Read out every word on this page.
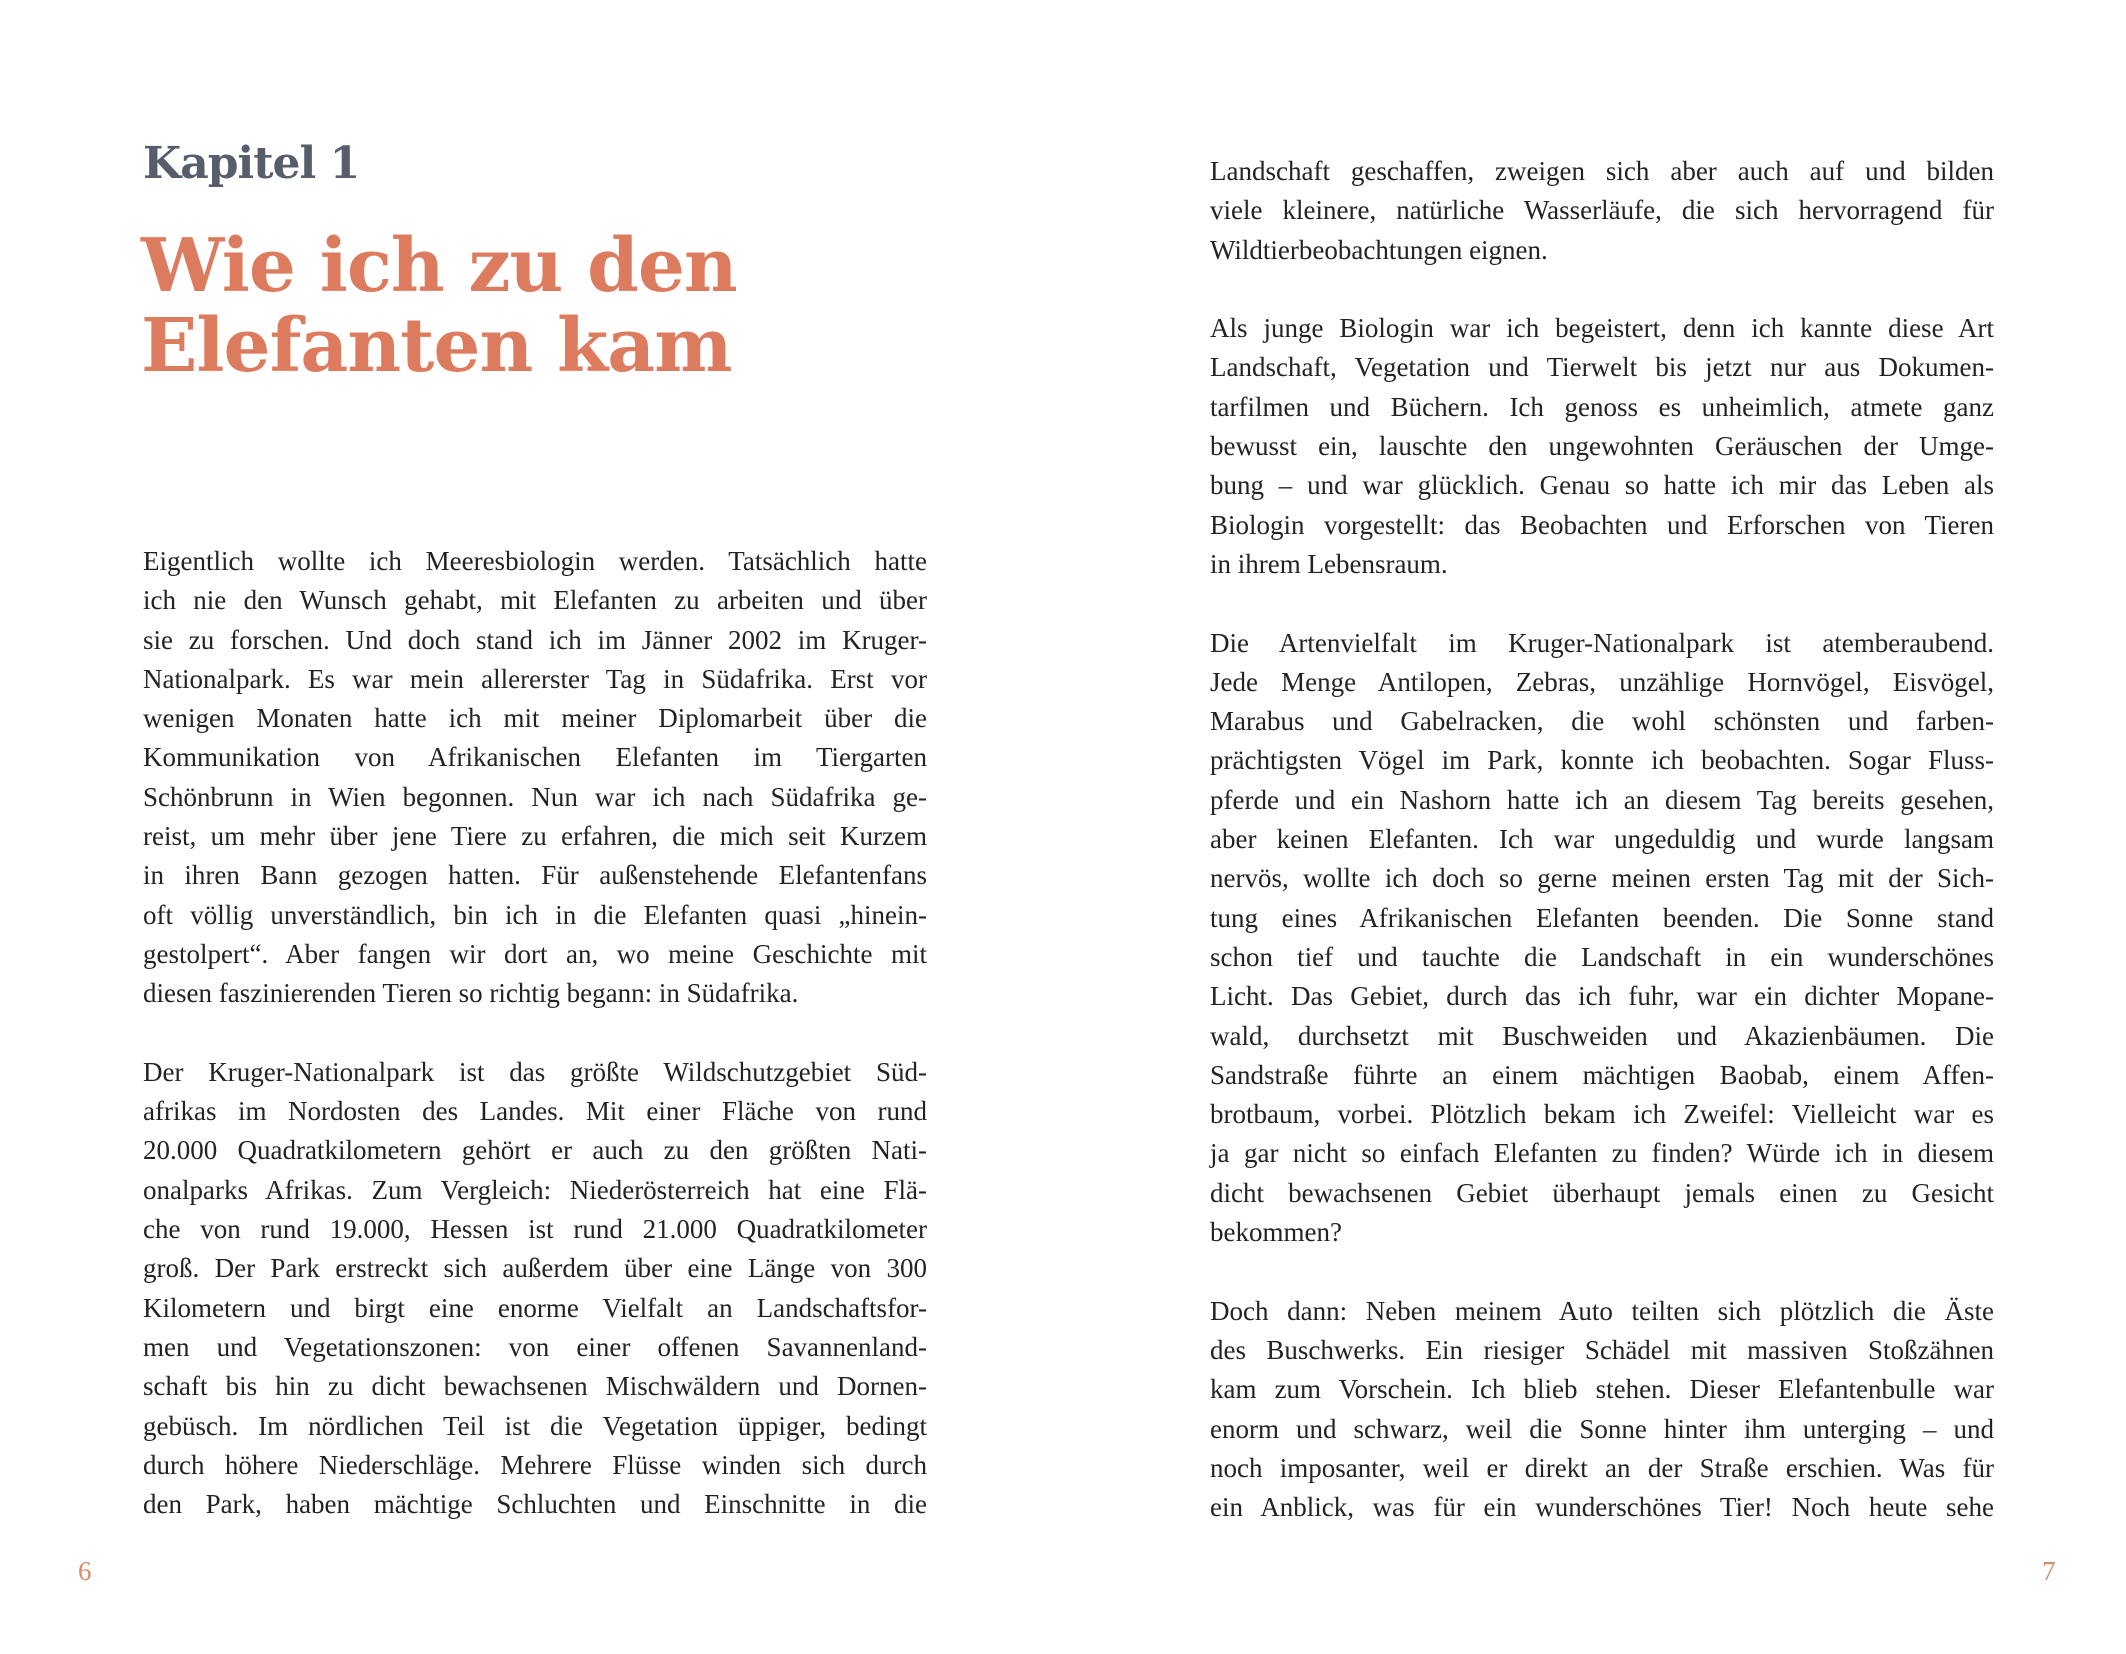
Kapitel 1
Wie ich zu den
Elefanten kam
Eigentlich wollte ich Meeresbiologin werden. Tatsächlich hatte
ich nie den Wunsch gehabt, mit Elefanten zu arbeiten und über
sie zu forschen. Und doch stand ich im Jänner 2002 im Kruger-
Nationalpark. Es war mein allererster Tag in Südafrika. Erst vor
wenigen Monaten hatte ich mit meiner Diplomarbeit über die
Kommunikation von Afrikanischen Elefanten im Tiergarten
Schönbrunn in Wien begonnen. Nun war ich nach Südafrika ge-
reist, um mehr über jene Tiere zu erfahren, die mich seit Kurzem
in ihren Bann gezogen hatten. Für außenstehende Elefantenfans
oft völlig unverständlich, bin ich in die Elefanten quasi „hinein-
gestolpert“. Aber fangen wir dort an, wo meine Geschichte mit
diesen faszinierenden Tieren so richtig begann: in Südafrika.
Der Kruger-Nationalpark ist das größte Wildschutzgebiet Süd-
afrikas im Nordosten des Landes. Mit einer Fläche von rund
20.000 Quadratkilometern gehört er auch zu den größten Nati-
onalparks Afrikas. Zum Vergleich: Niederösterreich hat eine Flä-
che von rund 19.000, Hessen ist rund 21.000 Quadratkilometer
groß. Der Park erstreckt sich außerdem über eine Länge von 300
Kilometern und birgt eine enorme Vielfalt an Landschaftsfor-
men und Vegetationszonen: von einer offenen Savannenland-
schaft bis hin zu dicht bewachsenen Mischwäldern und Dornen-
gebüsch. Im nördlichen Teil ist die Vegetation üppiger, bedingt
durch höhere Niederschläge. Mehrere Flüsse winden sich durch
den Park, haben mächtige Schluchten und Einschnitte in die
6
Landschaft geschaffen, zweigen sich aber auch auf und bilden
viele kleinere, natürliche Wasserläufe, die sich hervorragend für
Wildtierbeobachtungen eignen.
Als junge Biologin war ich begeistert, denn ich kannte diese Art
Landschaft, Vegetation und Tierwelt bis jetzt nur aus Dokumen-
tarfilmen und Büchern. Ich genoss es unheimlich, atmete ganz
bewusst ein, lauschte den ungewohnten Geräuschen der Umge-
bung – und war glücklich. Genau so hatte ich mir das Leben als
Biologin vorgestellt: das Beobachten und Erforschen von Tieren
in ihrem Lebensraum.
Die Artenvielfalt im Kruger-Nationalpark ist atemberaubend.
Jede Menge Antilopen, Zebras, unzählige Hornvögel, Eisvögel,
Marabus und Gabelracken, die wohl schönsten und farben-
prächtigsten Vögel im Park, konnte ich beobachten. Sogar Fluss-
pferde und ein Nashorn hatte ich an diesem Tag bereits gesehen,
aber keinen Elefanten. Ich war ungeduldig und wurde langsam
nervös, wollte ich doch so gerne meinen ersten Tag mit der Sich-
tung eines Afrikanischen Elefanten beenden. Die Sonne stand
schon tief und tauchte die Landschaft in ein wunderschönes
Licht. Das Gebiet, durch das ich fuhr, war ein dichter Mopane-
wald, durchsetzt mit Buschweiden und Akazienbäumen. Die
Sandstraße führte an einem mächtigen Baobab, einem Affen-
brotbaum, vorbei. Plötzlich bekam ich Zweifel: Vielleicht war es
ja gar nicht so einfach Elefanten zu finden? Würde ich in diesem
dicht bewachsenen Gebiet überhaupt jemals einen zu Gesicht
bekommen?
Doch dann: Neben meinem Auto teilten sich plötzlich die Äste
des Buschwerks. Ein riesiger Schädel mit massiven Stoßzähnen
kam zum Vorschein. Ich blieb stehen. Dieser Elefantenbulle war
enorm und schwarz, weil die Sonne hinter ihm unterging – und
noch imposanter, weil er direkt an der Straße erschien. Was für
ein Anblick, was für ein wunderschönes Tier! Noch heute sehe
7
